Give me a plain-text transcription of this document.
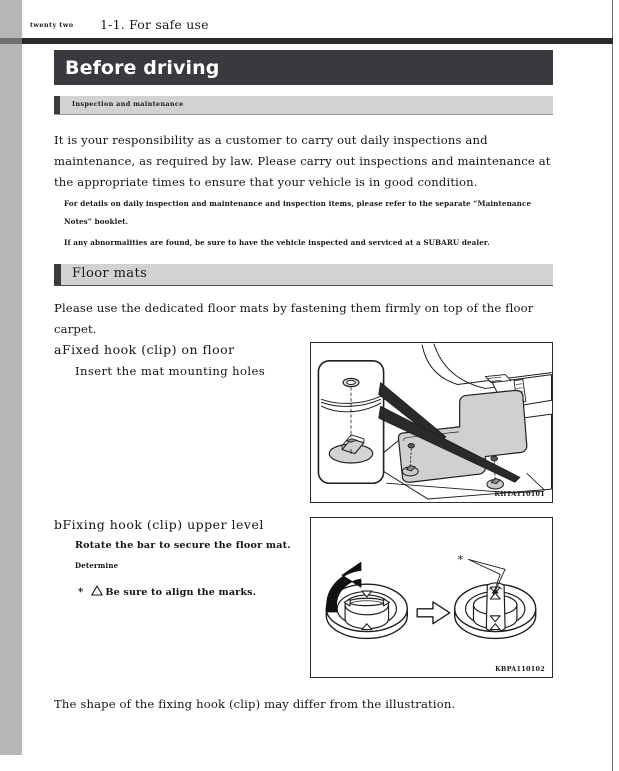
twenty two 1-1. For safe use
Before driving
Inspection and maintenance
It is your responsibility as a customer to carry out daily inspections and maintenance, as required by law. Please carry out inspections and maintenance at the appropriate times to ensure that your vehicle is in good condition.
For details on daily inspection and maintenance and inspection items, please refer to the separate “Maintenance Notes” booklet.
If any abnormalities are found, be sure to have the vehicle inspected and serviced at a SUBARU dealer.
Floor mats
Please use the dedicated floor mats by fastening them firmly on top of the floor carpet.
aFixed hook (clip) on floor
Insert the mat mounting holes
KHTA110101
bFixing hook (clip) upper level
Rotate the bar to secure the floor mat.
Determine
* Be sure to align the marks.
*
KBPA110102
The shape of the fixing hook (clip) may differ from the illustration.
